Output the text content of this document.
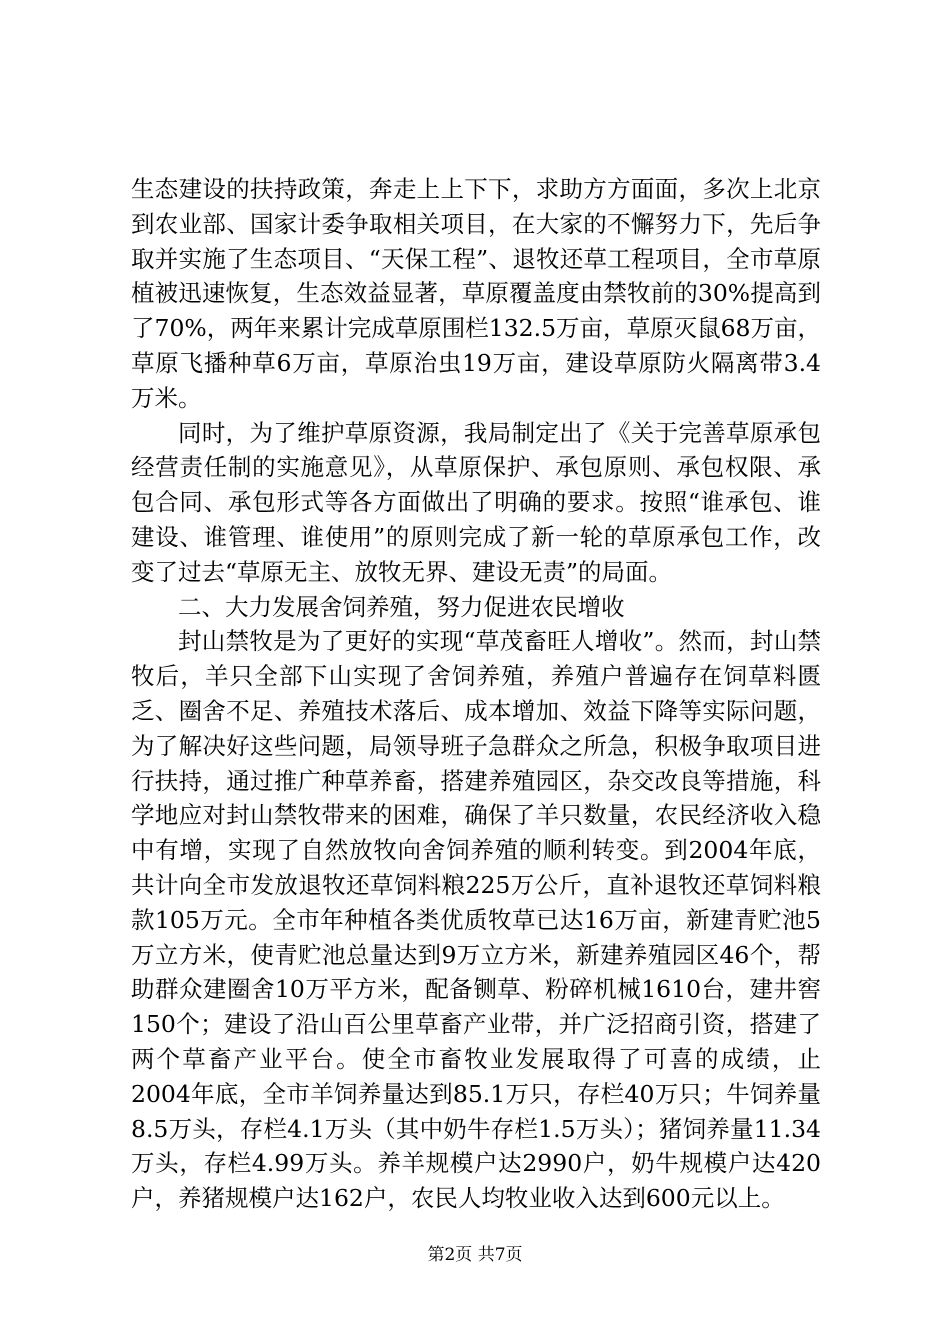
生态建设的扶持政策，奔走上上下下，求助方方面面，多次上北京到农业部、国家计委争取相关项目，在大家的不懈努力下，先后争取并实施了生态项目、“天保工程”、退牧还草工程项目，全市草原植被迅速恢复，生态效益显著，草原覆盖度由禁牧前的30%提高到了70%，两年来累计完成草原围栏132.5万亩，草原灭鼠68万亩，草原飞播种草6万亩，草原治虫19万亩，建设草原防火隔离带3.4万米。

同时，为了维护草原资源，我局制定出了《关于完善草原承包经营责任制的实施意见》，从草原保护、承包原则、承包权限、承包合同、承包形式等各方面做出了明确的要求。按照“谁承包、谁建设、谁管理、谁使用”的原则完成了新一轮的草原承包工作，改变了过去“草原无主、放牧无界、建设无责”的局面。

二、大力发展舍饲养殖，努力促进农民增收

封山禁牧是为了更好的实现“草茂畜旺人增收”。然而，封山禁牧后，羊只全部下山实现了舍饲养殖，养殖户普遍存在饲草料匮乏、圈舍不足、养殖技术落后、成本增加、效益下降等实际问题，为了解决好这些问题，局领导班子急群众之所急，积极争取项目进行扶持，通过推广种草养畜，搭建养殖园区，杂交改良等措施，科学地应对封山禁牧带来的困难，确保了羊只数量，农民经济收入稳中有增，实现了自然放牧向舍饲养殖的顺利转变。到2004年底，共计向全市发放退牧还草饲料粮225万公斤，直补退牧还草饲料粮款105万元。全市年种植各类优质牧草已达16万亩，新建青贮池5万立方米，使青贮池总量达到9万立方米，新建养殖园区46个，帮助群众建圈舍10万平方米，配备铡草、粉碎机械1610台，建井窖150个；建设了沿山百公里草畜产业带，并广泛招商引资，搭建了两个草畜产业平台。使全市畜牧业发展取得了可喜的成绩，止2004年底，全市羊饲养量达到85.1万只，存栏40万只；牛饲养量8.5万头，存栏4.1万头（其中奶牛存栏1.5万头）；猪饲养量11.34万头，存栏4.99万头。养羊规模户达2990户，奶牛规模户达420户，养猪规模户达162户，农民人均牧业收入达到600元以上。

第2页 共7页
